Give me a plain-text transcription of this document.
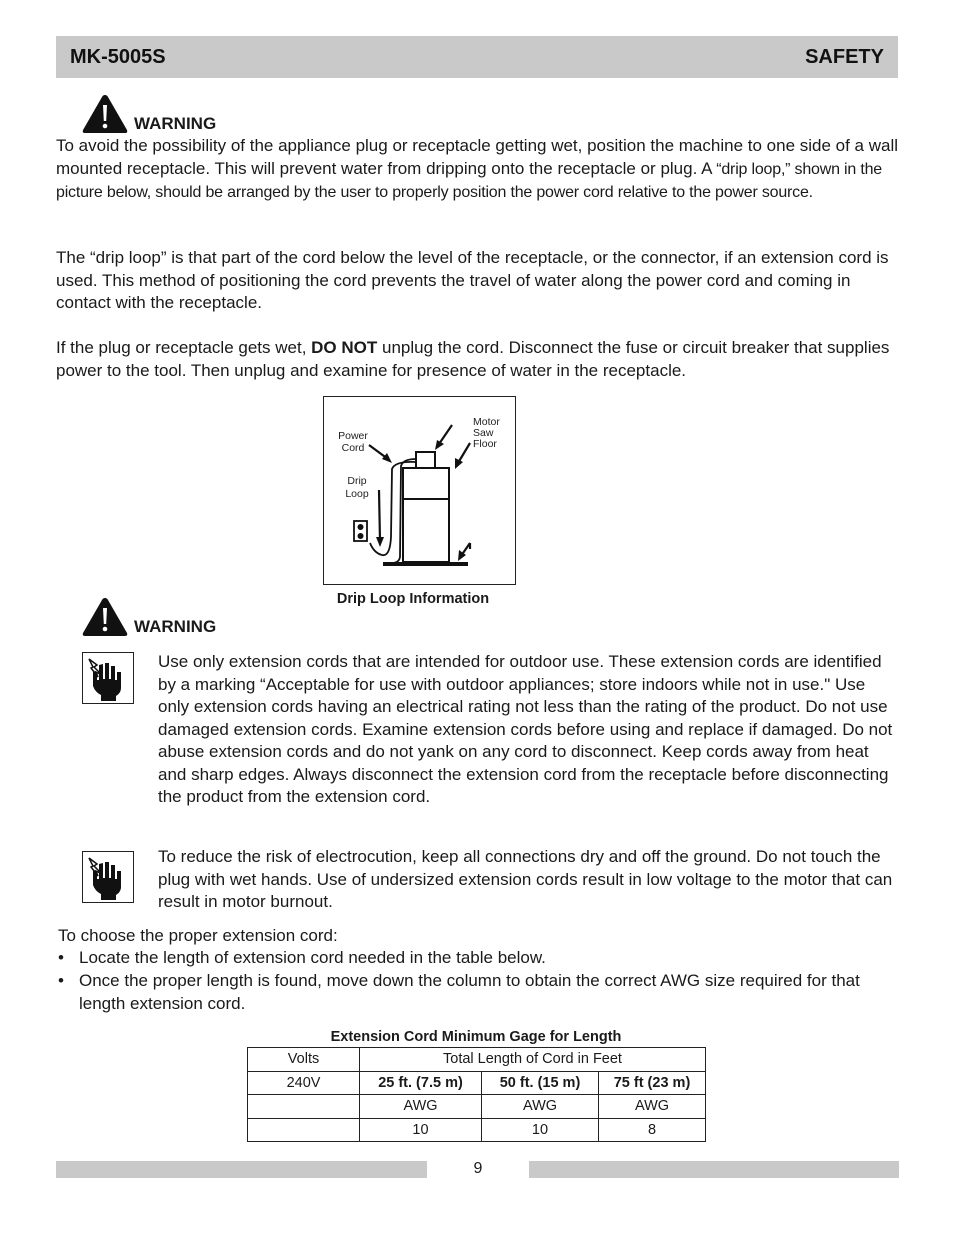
MK-5005S	SAFETY
WARNING

To avoid the possibility of the appliance plug or receptacle getting wet, position the machine to one side of a wall mounted receptacle. This will prevent water from dripping onto the receptacle or plug. A “drip loop,” shown in the picture below, should be arranged by the user to properly position the power cord relative to the power source.

The “drip loop” is that part of the cord below the level of the receptacle, or the connector, if an extension cord is used. This method of positioning the cord prevents the travel of water along the power cord and coming in contact with the receptacle.

If the plug or receptacle gets wet, DO NOT unplug the cord. Disconnect the fuse or circuit breaker that supplies power to the tool. Then unplug and examine for presence of water in the receptacle.

Power
Cord
Drip
Loop
Motor
Saw
Floor
Drip Loop Information
WARNING

Use only extension cords that are intended for outdoor use. These extension cords are identified by a marking “Acceptable for use with outdoor appliances; store indoors while not in use." Use only extension cords having an electrical rating not less than the rating of the product. Do not use damaged extension cords. Examine extension cords before using and replace if damaged. Do not abuse extension cords and do not yank on any cord to disconnect. Keep cords away from heat and sharp edges. Always disconnect the extension cord from the receptacle before disconnecting the product from the extension cord.

To reduce the risk of electrocution, keep all connections dry and off the ground. Do not touch the plug with wet hands. Use of undersized extension cords result in low voltage to the motor that can result in motor burnout.

To choose the proper extension cord:
• Locate the length of extension cord needed in the table below.
• Once the proper length is found, move down the column to obtain the correct AWG size required for that length extension cord.
Extension Cord Minimum Gage for Length
Volts	Total Length of Cord in Feet		
240V	25 ft. (7.5 m)	50 ft. (15 m)	75 ft (23 m)
	AWG	AWG	AWG
	10	10	8
9
